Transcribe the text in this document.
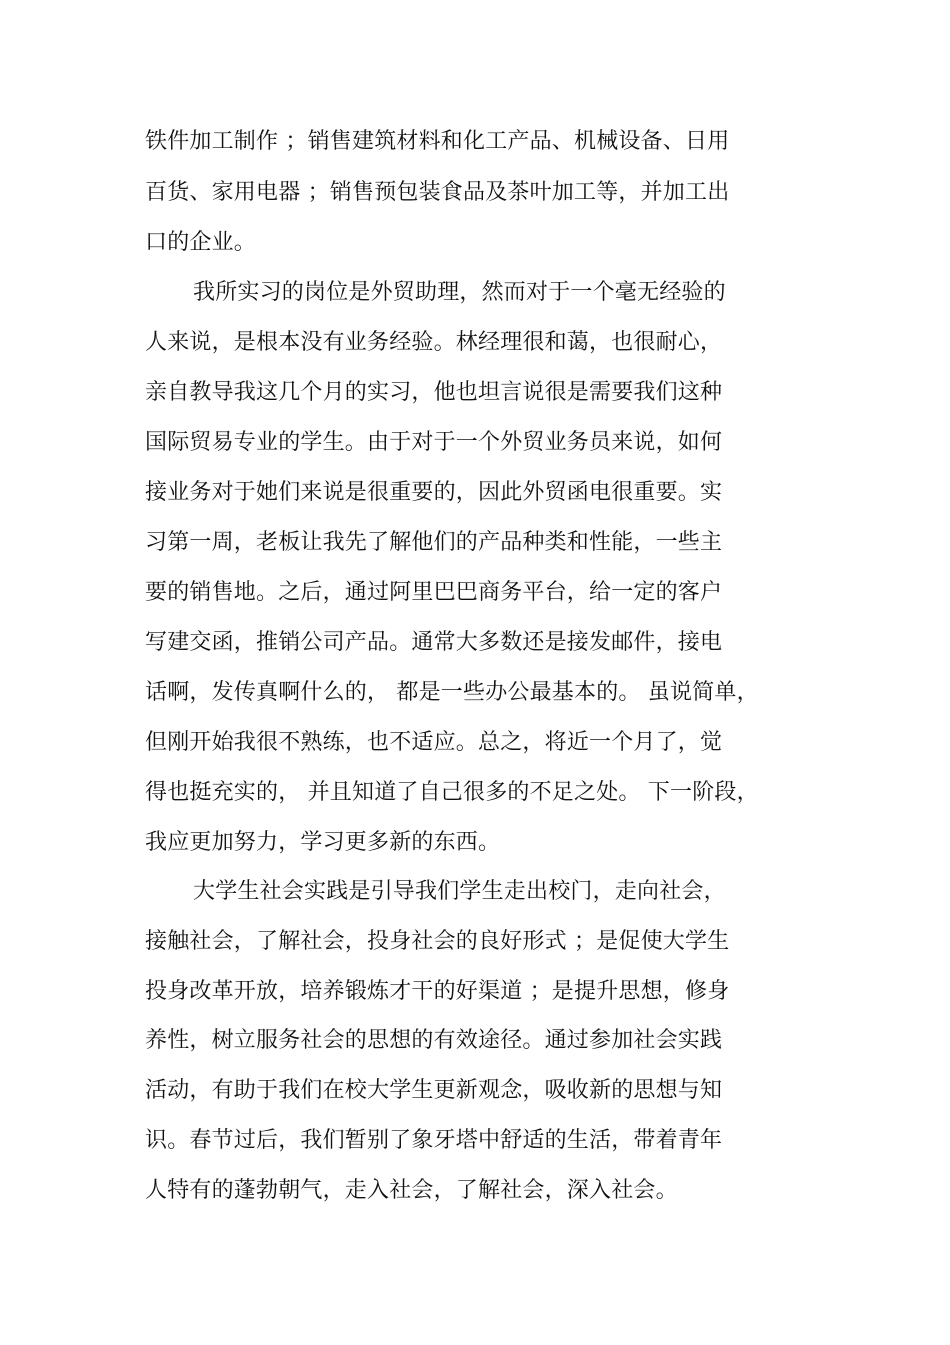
铁件加工制作 ；销售建筑材料和化工产品、机械设备、日用
百货、家用电器 ；销售预包装食品及茶叶加工等，并加工出
口的企业。
我所实习的岗位是外贸助理，然而对于一个毫无经验的
人来说，是根本没有业务经验。林经理很和蔼，也很耐心，
亲自教导我这几个月的实习，他也坦言说很是需要我们这种
国际贸易专业的学生。由于对于一个外贸业务员来说，如何
接业务对于她们来说是很重要的，因此外贸函电很重要。实
习第一周，老板让我先了解他们的产品种类和性能，一些主
要的销售地。之后，通过阿里巴巴商务平台，给一定的客户
写建交函，推销公司产品。通常大多数还是接发邮件，接电
话啊，发传真啊什么的， 都是一些办公最基本的。 虽说简单，
但刚开始我很不熟练，也不适应。总之，将近一个月了，觉
得也挺充实的， 并且知道了自己很多的不足之处。 下一阶段，
我应更加努力，学习更多新的东西。
大学生社会实践是引导我们学生走出校门，走向社会，
接触社会，了解社会，投身社会的良好形式 ；是促使大学生
投身改革开放，培养锻炼才干的好渠道 ；是提升思想，修身
养性，树立服务社会的思想的有效途径。通过参加社会实践
活动，有助于我们在校大学生更新观念，吸收新的思想与知
识。春节过后，我们暂别了象牙塔中舒适的生活，带着青年
人特有的蓬勃朝气，走入社会，了解社会，深入社会。
